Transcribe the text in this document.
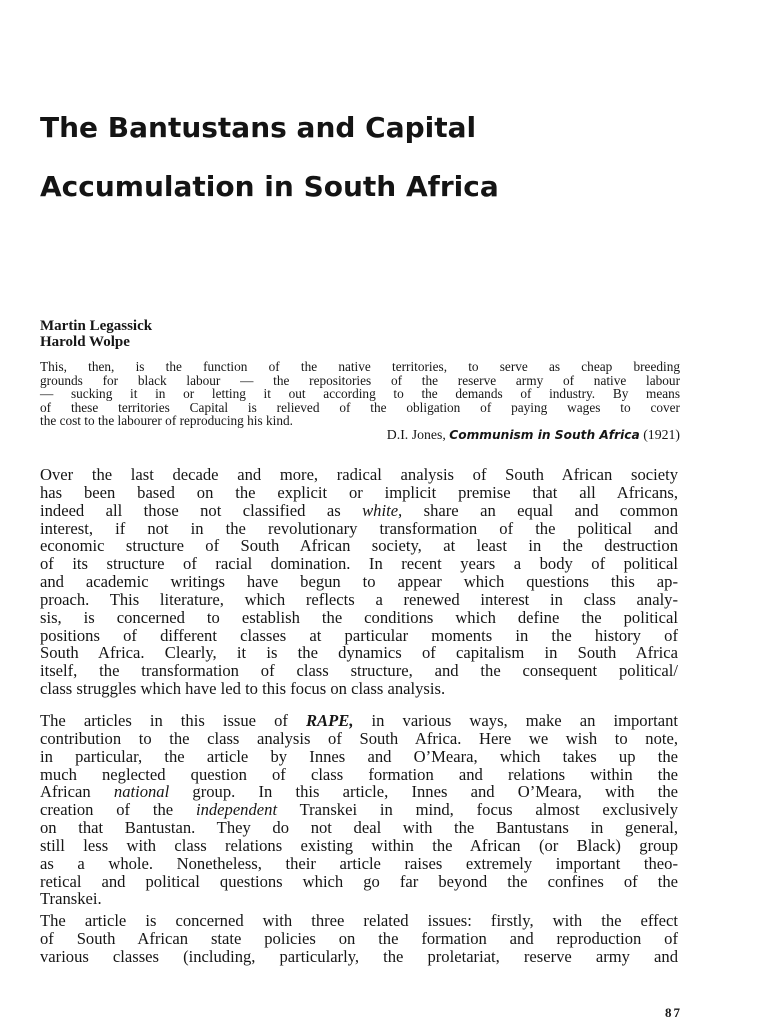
The Bantustans and Capital
Accumulation in South Africa
Martin Legassick
Harold Wolpe
This, then, is the function of the native territories, to serve as cheap breeding
grounds for black labour — the repositories of the reserve army of native labour
— sucking it in or letting it out according to the demands of industry. By means
of these territories Capital is relieved of the obligation of paying wages to cover
the cost to the labourer of reproducing his kind.
D.I. Jones, Communism in South Africa (1921)
Over the last decade and more, radical analysis of South African society
has been based on the explicit or implicit premise that all Africans,
indeed all those not classified as white, share an equal and common
interest, if not in the revolutionary transformation of the political and
economic structure of South African society, at least in the destruction
of its structure of racial domination. In recent years a body of political
and academic writings have begun to appear which questions this ap-
proach. This literature, which reflects a renewed interest in class analy-
sis, is concerned to establish the conditions which define the political
positions of different classes at particular moments in the history of
South Africa. Clearly, it is the dynamics of capitalism in South Africa
itself, the transformation of class structure, and the consequent political/
class struggles which have led to this focus on class analysis.
The articles in this issue of RAPE, in various ways, make an important
contribution to the class analysis of South Africa. Here we wish to note,
in particular, the article by Innes and O’Meara, which takes up the
much neglected question of class formation and relations within the
African national group. In this article, Innes and O’Meara, with the
creation of the independent Transkei in mind, focus almost exclusively
on that Bantustan. They do not deal with the Bantustans in general,
still less with class relations existing within the African (or Black) group
as a whole. Nonetheless, their article raises extremely important theo-
retical and political questions which go far beyond the confines of the
Transkei.
The article is concerned with three related issues: firstly, with the effect
of South African state policies on the formation and reproduction of
various classes (including, particularly, the proletariat, reserve army and
87
